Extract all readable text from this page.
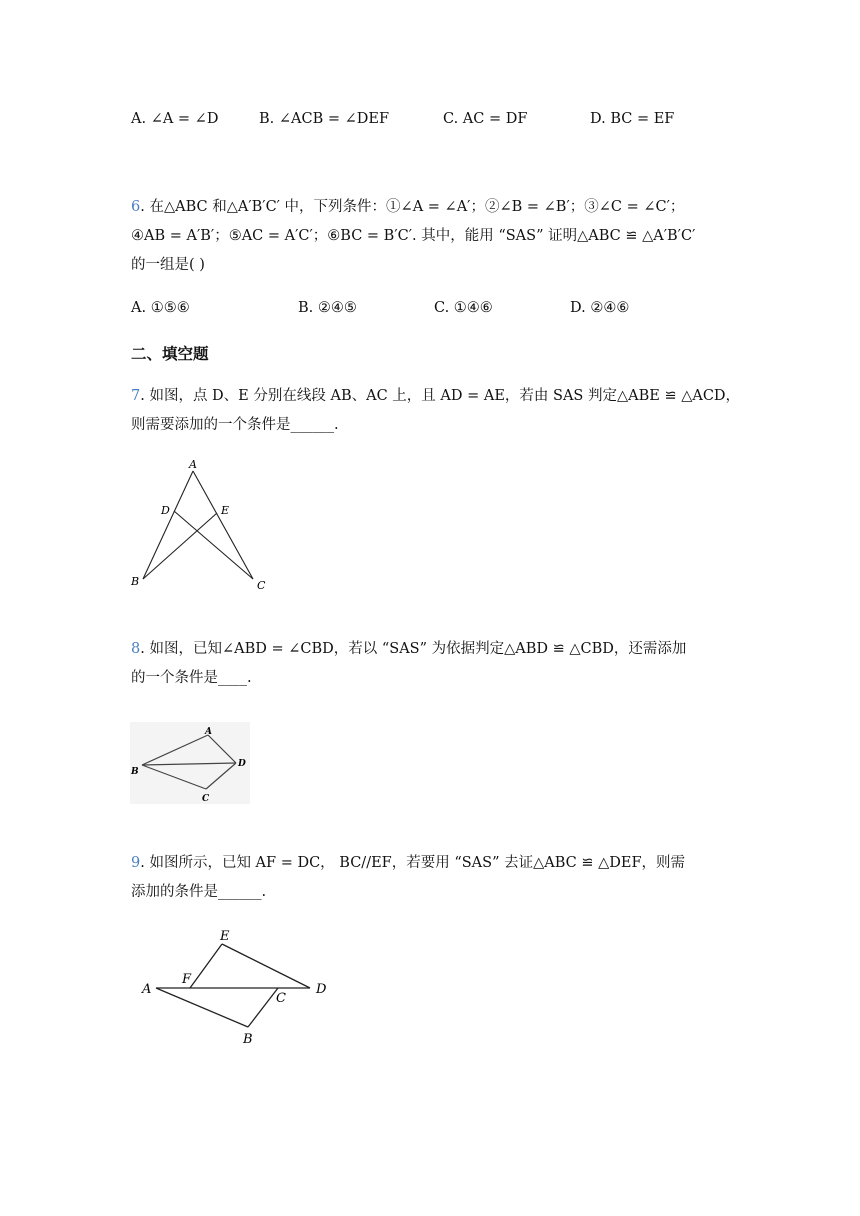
A. ∠A = ∠D	B. ∠ACB = ∠DEF	C. AC = DF	D. BC = EF
6. 在△ABC 和△A′B′C′ 中，下列条件：①∠A = ∠A′；②∠B = ∠B′；③∠C = ∠C′；
④AB = A′B′；⑤AC = A′C′；⑥BC = B′C′. 其中，能用 “SAS” 证明△ABC ≌ △A′B′C′
的一组是( )
A. ①⑤⑥	B. ②④⑤	C. ①④⑥	D. ②④⑥
二、填空题
7. 如图，点 D、E 分别在线段 AB、AC 上，且 AD = AE，若由 SAS 判定△ABE ≌ △ACD，
则需要添加的一个条件是______.
A
D	E
B	C
8. 如图，已知∠ABD = ∠CBD，若以 “SAS” 为依据判定△ABD ≌ △CBD，还需添加
的一个条件是____.
A
B
D
C
9. 如图所示，已知 AF = DC， BC//EF，若要用 “SAS” 去证△ABC ≌ △DEF，则需
添加的条件是______.
E
F
A
C
D
B
